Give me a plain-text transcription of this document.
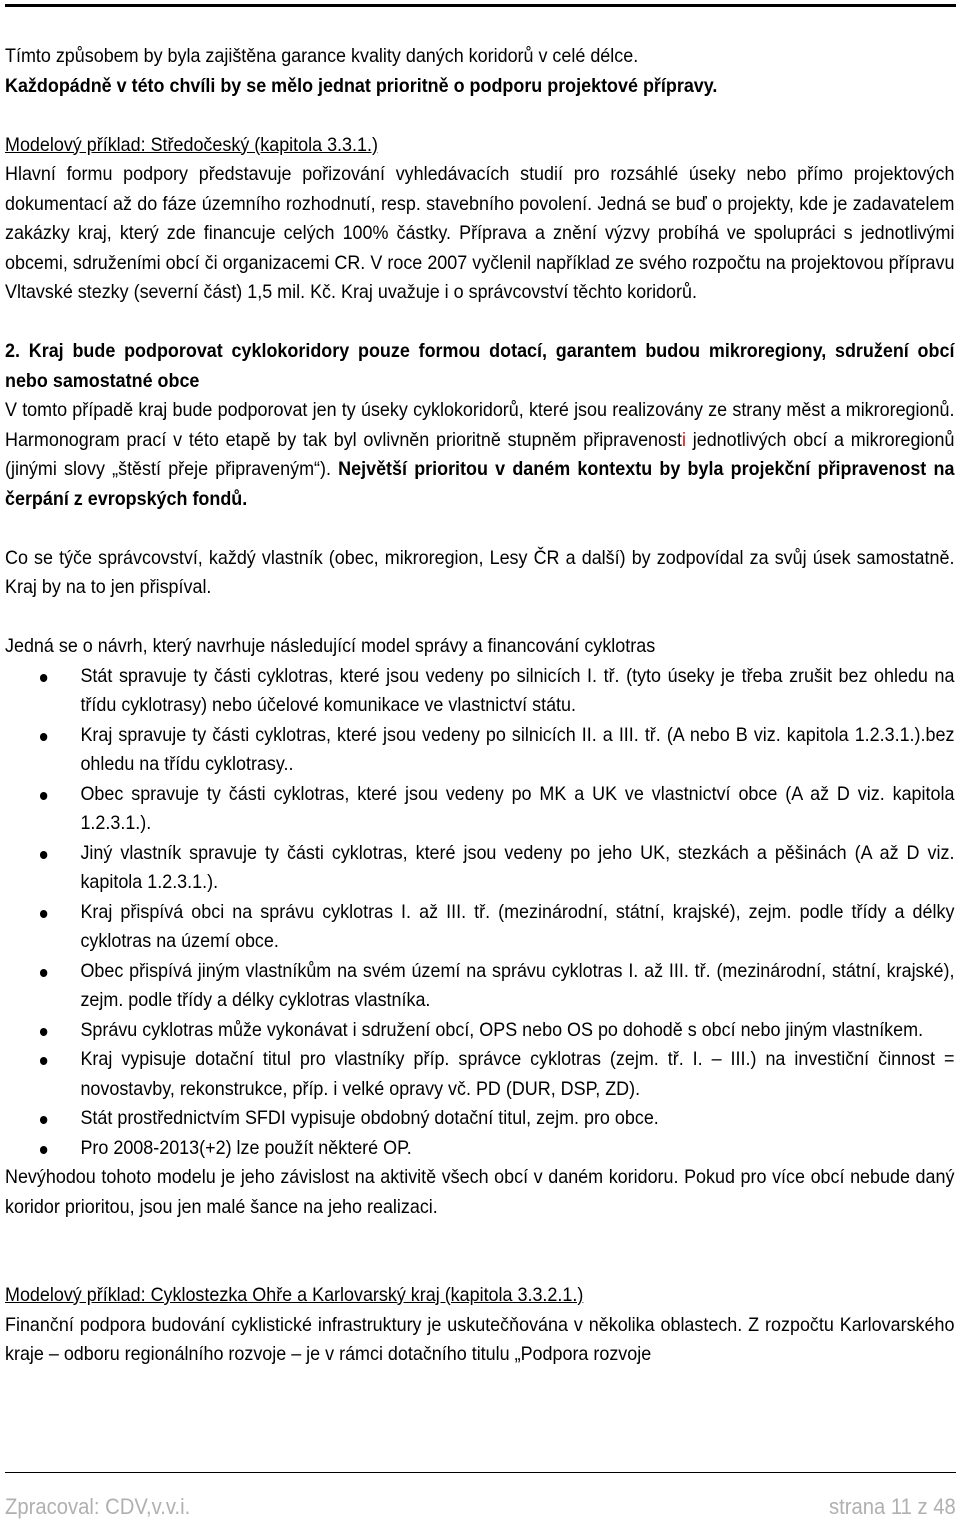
Tímto způsobem by byla zajištěna garance kvality daných koridorů v celé délce.

Každopádně v této chvíli by se mělo jednat prioritně o podporu projektové přípravy.

Modelový příklad: Středočeský (kapitola 3.3.1.)

Hlavní formu podpory představuje pořizování vyhledávacích studií pro rozsáhlé úseky nebo přímo projektových dokumentací až do fáze územního rozhodnutí, resp. stavebního povolení. Jedná se buď o projekty, kde je zadavatelem zakázky kraj, který zde financuje celých 100% částky. Příprava a znění výzvy probíhá ve spolupráci s jednotlivými obcemi, sdruženími obcí či organizacemi CR. V roce 2007 vyčlenil například ze svého rozpočtu na projektovou přípravu Vltavské stezky (severní část) 1,5 mil. Kč. Kraj uvažuje i o správcovství těchto koridorů.

2. Kraj bude podporovat cyklokoridory pouze formou dotací, garantem budou mikroregiony, sdružení obcí nebo samostatné obce

V tomto případě kraj bude podporovat jen ty úseky cyklokoridorů, které jsou realizovány ze strany měst a mikroregionů. Harmonogram prací v této etapě by tak byl ovlivněn prioritně stupněm připravenosti jednotlivých obcí a mikroregionů (jinými slovy „štěstí přeje připraveným“). Největší prioritou v daném kontextu by byla projekční připravenost na čerpání z evropských fondů.

Co se týče správcovství, každý vlastník (obec, mikroregion, Lesy ČR a další) by zodpovídal za svůj úsek samostatně. Kraj by na to jen přispíval.

Jedná se o návrh, který navrhuje následující model správy a financování cyklotras

Stát spravuje ty části cyklotras, které jsou vedeny po silnicích I. tř. (tyto úseky je třeba zrušit bez ohledu na třídu cyklotrasy) nebo účelové komunikace ve vlastnictví státu.
Kraj spravuje ty části cyklotras, které jsou vedeny po silnicích II. a III. tř. (A nebo B viz. kapitola 1.2.3.1.).bez ohledu na třídu cyklotrasy..
Obec spravuje ty části cyklotras, které jsou vedeny po MK a UK ve vlastnictví obce (A až D viz. kapitola 1.2.3.1.).
Jiný vlastník spravuje ty části cyklotras, které jsou vedeny po jeho UK, stezkách a pěšinách (A až D viz. kapitola 1.2.3.1.).
Kraj přispívá obci na správu cyklotras I. až III. tř. (mezinárodní, státní, krajské), zejm. podle třídy a délky cyklotras na území obce.
Obec přispívá jiným vlastníkům na svém území na správu cyklotras I. až III. tř. (mezinárodní, státní, krajské), zejm. podle třídy a délky cyklotras vlastníka.
Správu cyklotras může vykonávat i sdružení obcí, OPS nebo OS po dohodě s obcí nebo jiným vlastníkem.
Kraj vypisuje dotační titul pro vlastníky příp. správce cyklotras (zejm. tř. I. – III.) na investiční činnost = novostavby, rekonstrukce, příp. i velké opravy vč. PD (DUR, DSP, ZD).
Stát prostřednictvím SFDI vypisuje obdobný dotační titul, zejm. pro obce.
Pro 2008-2013(+2) lze použít některé OP.

Nevýhodou tohoto modelu je jeho závislost na aktivitě všech obcí v daném koridoru. Pokud pro více obcí nebude daný koridor prioritou, jsou jen malé šance na jeho realizaci.

Modelový příklad: Cyklostezka Ohře a Karlovarský kraj (kapitola 3.3.2.1.)

Finanční podpora budování cyklistické infrastruktury je uskutečňována v několika oblastech. Z rozpočtu Karlovarského kraje – odboru regionálního rozvoje – je v rámci dotačního titulu „Podpora rozvoje

Zpracoval: CDV,v.v.i.	strana 11 z 48
